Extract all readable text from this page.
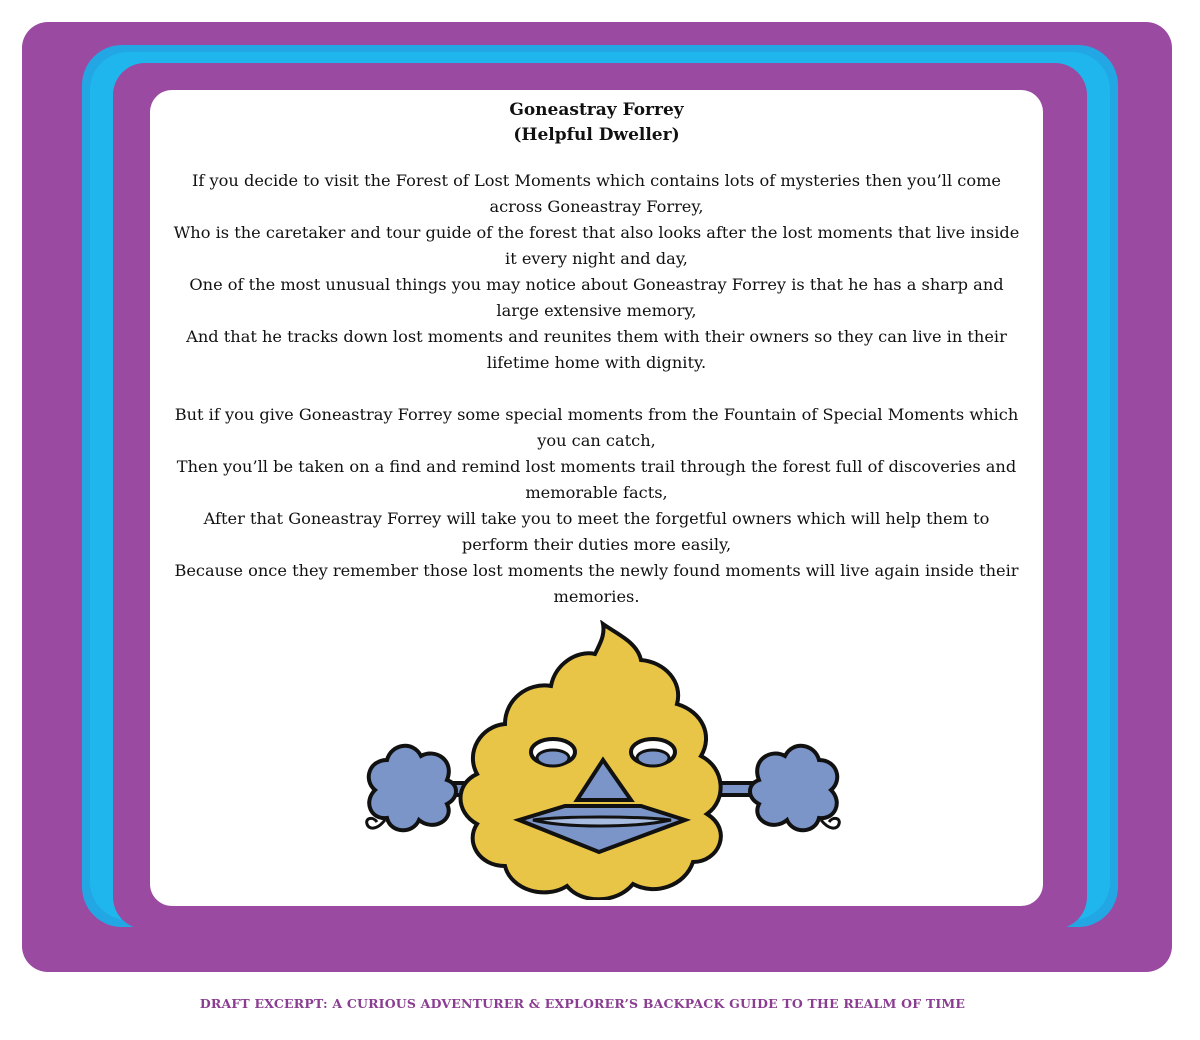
Goneastray Forrey
(Helpful Dweller)

If you decide to visit the Forest of Lost Moments which contains lots of mysteries then you’ll come across Goneastray Forrey,

Who is the caretaker and tour guide of the forest that also looks after the lost moments that live inside it every night and day,

One of the most unusual things you may notice about Goneastray Forrey is that he has a sharp and large extensive memory,

And that he tracks down lost moments and reunites them with their owners so they can live in their lifetime home with dignity.

But if you give Goneastray Forrey some special moments from the Fountain of Special Moments which you can catch,

Then you’ll be taken on a find and remind lost moments trail through the forest full of discoveries and memorable facts,

After that Goneastray Forrey will take you to meet the forgetful owners which will help them to perform their duties more easily,

Because once they remember those lost moments the newly found moments will live again inside their memories.

DRAFT EXCERPT: A CURIOUS ADVENTURER & EXPLORER’S BACKPACK GUIDE TO THE REALM OF TIME
